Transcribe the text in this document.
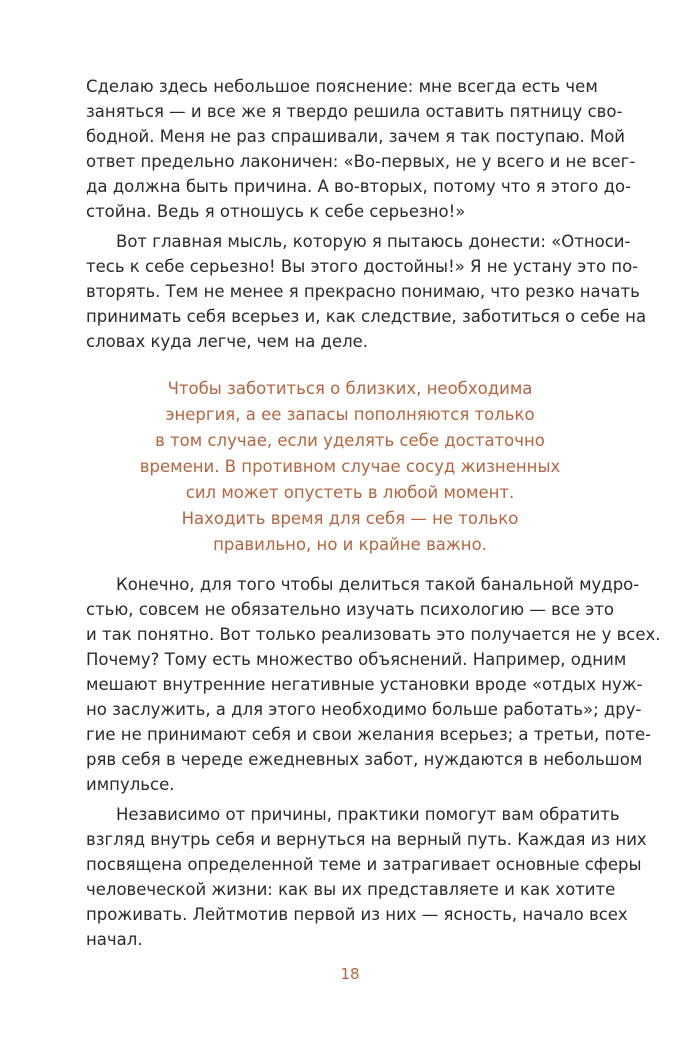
Сделаю здесь небольшое пояснение: мне всегда есть чем
заняться — и все же я твердо решила оставить пятницу сво-
бодной. Меня не раз спрашивали, зачем я так поступаю. Мой
ответ предельно лаконичен: «Во-первых, не у всего и не всег-
да должна быть причина. А во-вторых, потому что я этого до-
стойна. Ведь я отношусь к себе серьезно!»
Вот главная мысль, которую я пытаюсь донести: «Относи-
тесь к себе серьезно! Вы этого достойны!» Я не устану это по-
вторять. Тем не менее я прекрасно понимаю, что резко начать
принимать себя всерьез и, как следствие, заботиться о себе на
словах куда легче, чем на деле.
Конечно, для того чтобы делиться такой банальной мудро-
стью, совсем не обязательно изучать психологию — все это
и так понятно. Вот только реализовать это получается не у всех.
Почему? Тому есть множество объяснений. Например, одним
мешают внутренние негативные установки вроде «отдых нуж-
но заслужить, а для этого необходимо больше работать»; дру-
гие не принимают себя и свои желания всерьез; а третьи, поте-
ряв себя в череде ежедневных забот, нуждаются в небольшом
импульсе.
Независимо от причины, практики помогут вам обратить
взгляд внутрь себя и вернуться на верный путь. Каждая из них
посвящена определенной теме и затрагивает основные сферы
человеческой жизни: как вы их представляете и как хотите
проживать. Лейтмотив первой из них — ясность, начало всех
начал.
Чтобы заботиться о близких, необходима
энергия, а ее запасы пополняются только
в том случае, если уделять себе достаточно
времени. В противном случае сосуд жизненных
сил может опустеть в любой момент.
Находить время для себя — не только
правильно, но и крайне важно.
18
